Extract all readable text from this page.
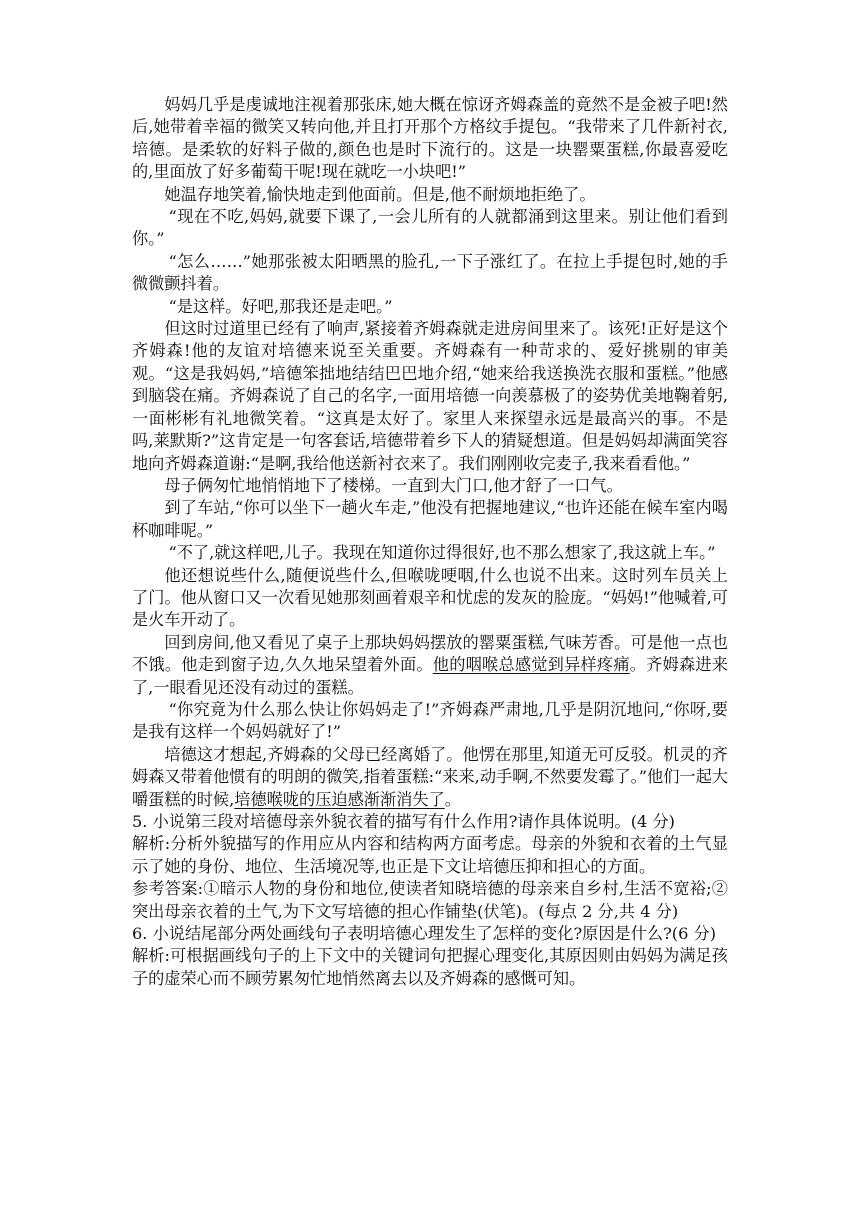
妈妈几乎是虔诚地注视着那张床,她大概在惊讶齐姆森盖的竟然不是金被子吧!然后,她带着幸福的微笑又转向他,并且打开那个方格纹手提包。“我带来了几件新衬衣,培德。是柔软的好料子做的,颜色也是时下流行的。这是一块罂粟蛋糕,你最喜爱吃的,里面放了好多葡萄干呢!现在就吃一小块吧!”

她温存地笑着,愉快地走到他面前。但是,他不耐烦地拒绝了。

“现在不吃,妈妈,就要下课了,一会儿所有的人就都涌到这里来。别让他们看到你。”

“怎么……”她那张被太阳晒黑的脸孔,一下子涨红了。在拉上手提包时,她的手微微颤抖着。

“是这样。好吧,那我还是走吧。”

但这时过道里已经有了响声,紧接着齐姆森就走进房间里来了。该死!正好是这个齐姆森!他的友谊对培德来说至关重要。齐姆森有一种苛求的、爱好挑剔的审美观。“这是我妈妈,”培德笨拙地结结巴巴地介绍,“她来给我送换洗衣服和蛋糕。”他感到脑袋在痛。齐姆森说了自己的名字,一面用培德一向羡慕极了的姿势优美地鞠着躬,一面彬彬有礼地微笑着。“这真是太好了。家里人来探望永远是最高兴的事。不是吗,莱默斯?”这肯定是一句客套话,培德带着乡下人的猜疑想道。但是妈妈却满面笑容地向齐姆森道谢:“是啊,我给他送新衬衣来了。我们刚刚收完麦子,我来看看他。”

母子俩匆忙地悄悄地下了楼梯。一直到大门口,他才舒了一口气。

到了车站,“你可以坐下一趟火车走,”他没有把握地建议,“也许还能在候车室内喝杯咖啡呢。”

“不了,就这样吧,儿子。我现在知道你过得很好,也不那么想家了,我这就上车。”

他还想说些什么,随便说些什么,但喉咙哽咽,什么也说不出来。这时列车员关上了门。他从窗口又一次看见她那刻画着艰辛和忧虑的发灰的脸庞。“妈妈!”他喊着,可是火车开动了。

回到房间,他又看见了桌子上那块妈妈摆放的罂粟蛋糕,气味芳香。可是他一点也不饿。他走到窗子边,久久地呆望着外面。他的咽喉总感觉到异样疼痛。齐姆森进来了,一眼看见还没有动过的蛋糕。

“你究竟为什么那么快让你妈妈走了!”齐姆森严肃地,几乎是阴沉地问,“你呀,要是我有这样一个妈妈就好了!”

培德这才想起,齐姆森的父母已经离婚了。他愣在那里,知道无可反驳。机灵的齐姆森又带着他惯有的明朗的微笑,指着蛋糕:“来来,动手啊,不然要发霉了。”他们一起大嚼蛋糕的时候,培德喉咙的压迫感渐渐消失了。

5. 小说第三段对培德母亲外貌衣着的描写有什么作用?请作具体说明。(4 分)

解析:分析外貌描写的作用应从内容和结构两方面考虑。母亲的外貌和衣着的土气显示了她的身份、地位、生活境况等,也正是下文让培德压抑和担心的方面。

参考答案:①暗示人物的身份和地位,使读者知晓培德的母亲来自乡村,生活不宽裕;②突出母亲衣着的土气,为下文写培德的担心作铺垫(伏笔)。(每点 2 分,共 4 分)

6. 小说结尾部分两处画线句子表明培德心理发生了怎样的变化?原因是什么?(6 分)

解析:可根据画线句子的上下文中的关键词句把握心理变化,其原因则由妈妈为满足孩子的虚荣心而不顾劳累匆忙地悄然离去以及齐姆森的感慨可知。
